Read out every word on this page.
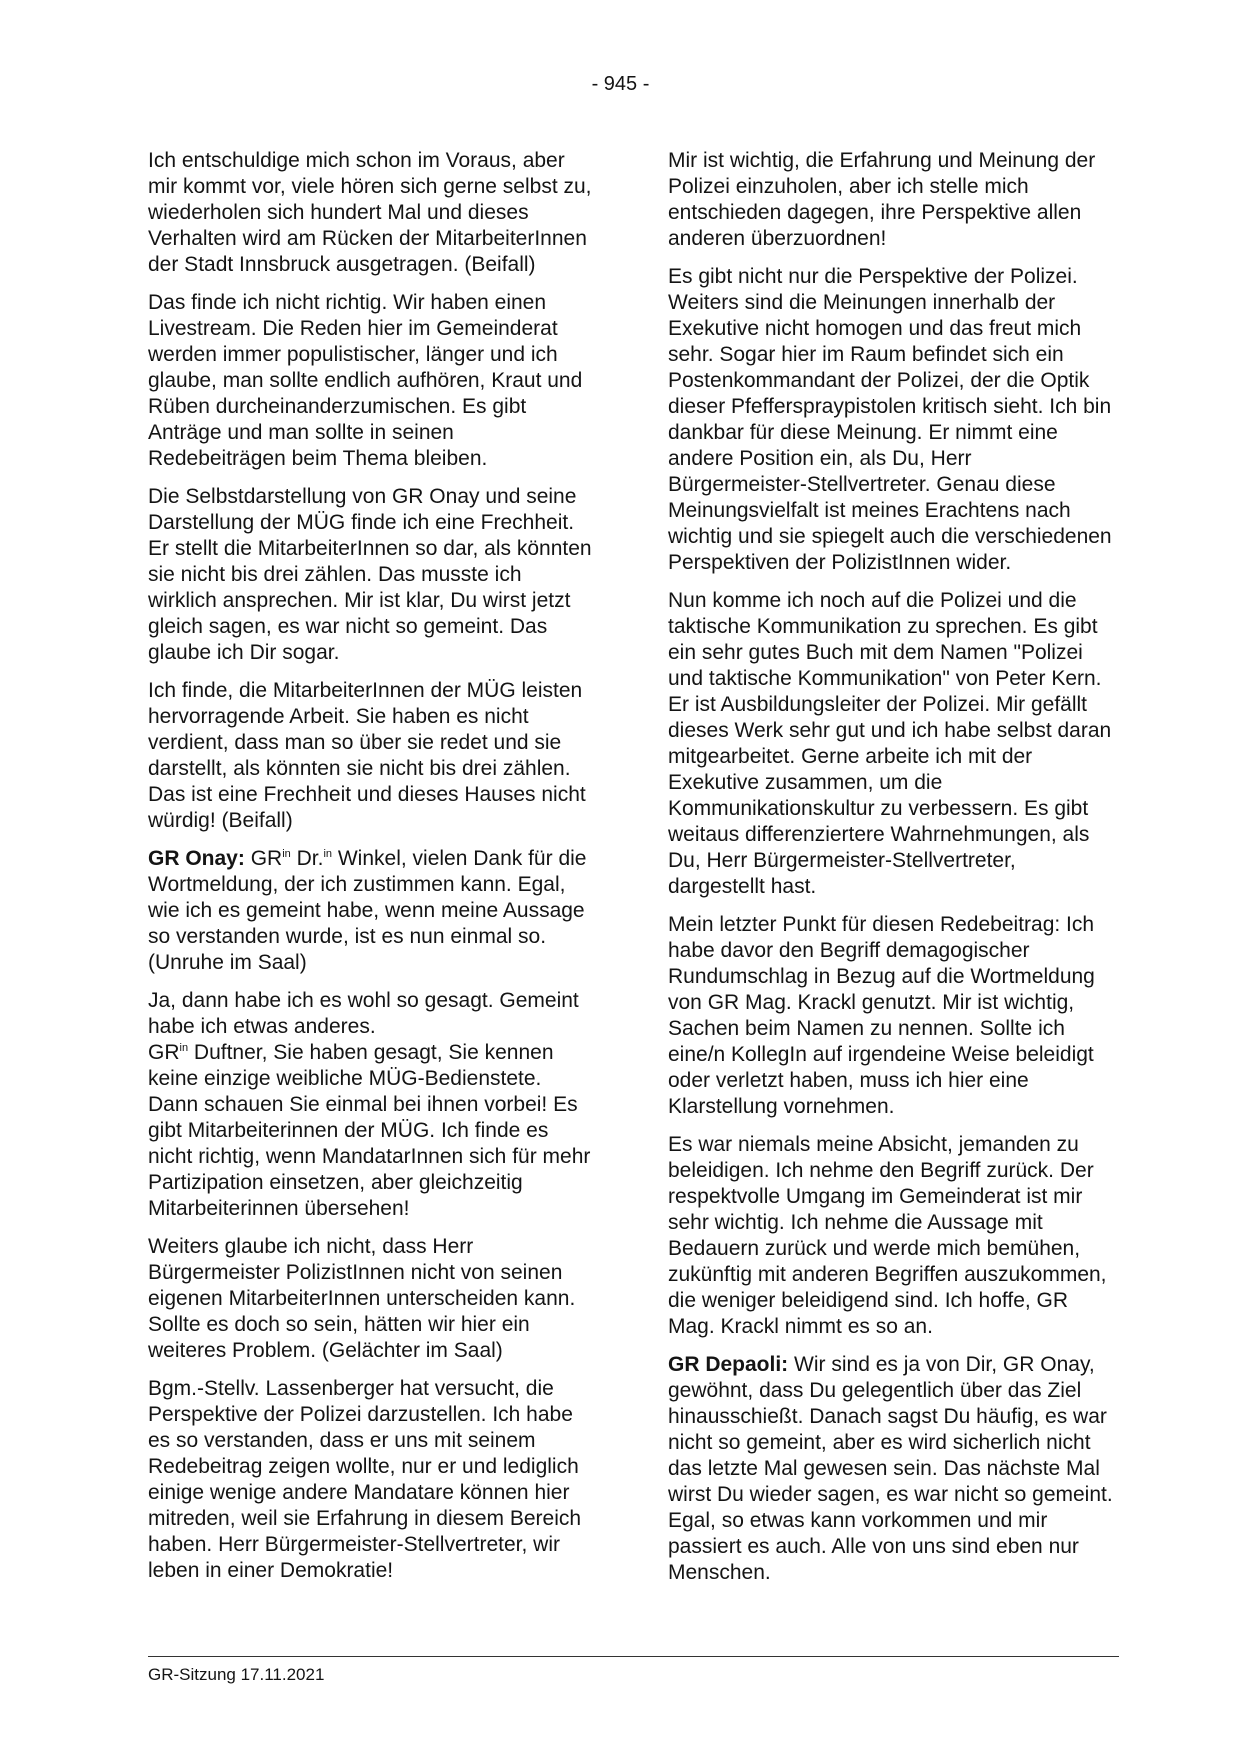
- 945 -

Ich entschuldige mich schon im Voraus, aber mir kommt vor, viele hören sich gerne selbst zu, wiederholen sich hundert Mal und dieses Verhalten wird am Rücken der MitarbeiterInnen der Stadt Innsbruck ausgetragen. (Beifall)

Das finde ich nicht richtig. Wir haben einen Livestream. Die Reden hier im Gemeinderat werden immer populistischer, länger und ich glaube, man sollte endlich aufhören, Kraut und Rüben durcheinanderzumischen. Es gibt Anträge und man sollte in seinen Redebeiträgen beim Thema bleiben.

Die Selbstdarstellung von GR Onay und seine Darstellung der MÜG finde ich eine Frechheit. Er stellt die MitarbeiterInnen so dar, als könnten sie nicht bis drei zählen. Das musste ich wirklich ansprechen. Mir ist klar, Du wirst jetzt gleich sagen, es war nicht so gemeint. Das glaube ich Dir sogar.

Ich finde, die MitarbeiterInnen der MÜG leisten hervorragende Arbeit. Sie haben es nicht verdient, dass man so über sie redet und sie darstellt, als könnten sie nicht bis drei zählen. Das ist eine Frechheit und dieses Hauses nicht würdig! (Beifall)

GR Onay: $GR^{in}$ Dr.$^{in}$ Winkel, vielen Dank für die Wortmeldung, der ich zustimmen kann. Egal, wie ich es gemeint habe, wenn meine Aussage so verstanden wurde, ist es nun einmal so. (Unruhe im Saal)

Ja, dann habe ich es wohl so gesagt. Gemeint habe ich etwas anderes.

$GR^{in}$ Duftner, Sie haben gesagt, Sie kennen keine einzige weibliche MÜG-Bedienstete. Dann schauen Sie einmal bei ihnen vorbei! Es gibt Mitarbeiterinnen der MÜG. Ich finde es nicht richtig, wenn MandatarInnen sich für mehr Partizipation einsetzen, aber gleichzeitig Mitarbeiterinnen übersehen!

Weiters glaube ich nicht, dass Herr Bürgermeister PolizistInnen nicht von seinen eigenen MitarbeiterInnen unterscheiden kann. Sollte es doch so sein, hätten wir hier ein weiteres Problem. (Gelächter im Saal)

Bgm.-Stellv. Lassenberger hat versucht, die Perspektive der Polizei darzustellen. Ich habe es so verstanden, dass er uns mit seinem Redebeitrag zeigen wollte, nur er und lediglich einige wenige andere Mandatare können hier mitreden, weil sie Erfahrung in diesem Bereich haben. Herr Bürgermeister-Stellvertreter, wir leben in einer Demokratie!

Mir ist wichtig, die Erfahrung und Meinung der Polizei einzuholen, aber ich stelle mich entschieden dagegen, ihre Perspektive allen anderen überzuordnen!

Es gibt nicht nur die Perspektive der Polizei. Weiters sind die Meinungen innerhalb der Exekutive nicht homogen und das freut mich sehr. Sogar hier im Raum befindet sich ein Postenkommandant der Polizei, der die Optik dieser Pfefferspraypistolen kritisch sieht. Ich bin dankbar für diese Meinung. Er nimmt eine andere Position ein, als Du, Herr Bürgermeister-Stellvertreter. Genau diese Meinungsvielfalt ist meines Erachtens nach wichtig und sie spiegelt auch die verschiedenen Perspektiven der PolizistInnen wider.

Nun komme ich noch auf die Polizei und die taktische Kommunikation zu sprechen. Es gibt ein sehr gutes Buch mit dem Namen "Polizei und taktische Kommunikation" von Peter Kern. Er ist Ausbildungsleiter der Polizei. Mir gefällt dieses Werk sehr gut und ich habe selbst daran mitgearbeitet. Gerne arbeite ich mit der Exekutive zusammen, um die Kommunikationskultur zu verbessern. Es gibt weitaus differenziertere Wahrnehmungen, als Du, Herr Bürgermeister-Stellvertreter, dargestellt hast.

Mein letzter Punkt für diesen Redebeitrag: Ich habe davor den Begriff demagogischer Rundumschlag in Bezug auf die Wortmeldung von GR Mag. Krackl genutzt. Mir ist wichtig, Sachen beim Namen zu nennen. Sollte ich eine/n KollegIn auf irgendeine Weise beleidigt oder verletzt haben, muss ich hier eine Klarstellung vornehmen.

Es war niemals meine Absicht, jemanden zu beleidigen. Ich nehme den Begriff zurück. Der respektvolle Umgang im Gemeinderat ist mir sehr wichtig. Ich nehme die Aussage mit Bedauern zurück und werde mich bemühen, zukünftig mit anderen Begriffen auszukommen, die weniger beleidigend sind. Ich hoffe, GR Mag. Krackl nimmt es so an.

GR Depaoli: Wir sind es ja von Dir, GR Onay, gewöhnt, dass Du gelegentlich über das Ziel hinausschießt. Danach sagst Du häufig, es war nicht so gemeint, aber es wird sicherlich nicht das letzte Mal gewesen sein. Das nächste Mal wirst Du wieder sagen, es war nicht so gemeint. Egal, so etwas kann vorkommen und mir passiert es auch. Alle von uns sind eben nur Menschen.

GR-Sitzung 17.11.2021
